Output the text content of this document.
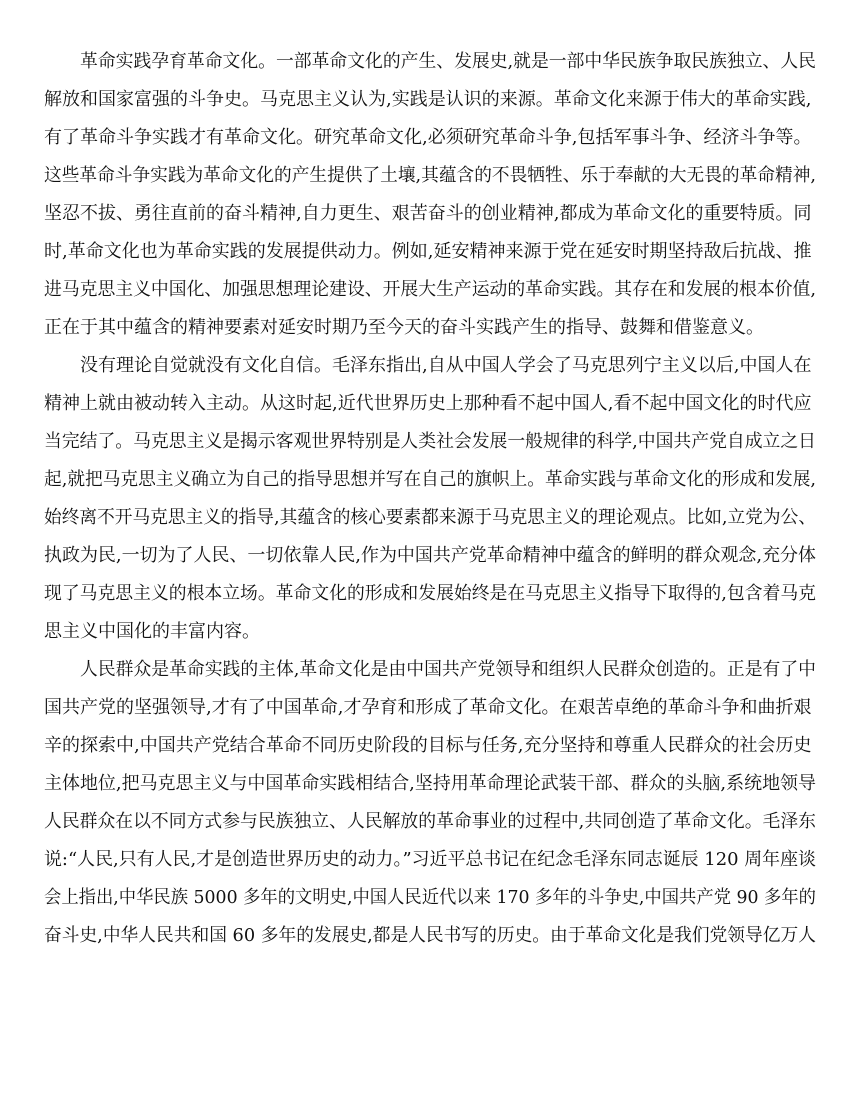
革命实践孕育革命文化。一部革命文化的产生、发展史,就是一部中华民族争取民族独立、人民

解放和国家富强的斗争史。马克思主义认为,实践是认识的来源。革命文化来源于伟大的革命实践,

有了革命斗争实践才有革命文化。研究革命文化,必须研究革命斗争,包括军事斗争、经济斗争等。

这些革命斗争实践为革命文化的产生提供了土壤,其蕴含的不畏牺牲、乐于奉献的大无畏的革命精神,

坚忍不拔、勇往直前的奋斗精神,自力更生、艰苦奋斗的创业精神,都成为革命文化的重要特质。同

时,革命文化也为革命实践的发展提供动力。例如,延安精神来源于党在延安时期坚持敌后抗战、推

进马克思主义中国化、加强思想理论建设、开展大生产运动的革命实践。其存在和发展的根本价值,

正在于其中蕴含的精神要素对延安时期乃至今天的奋斗实践产生的指导、鼓舞和借鉴意义。

没有理论自觉就没有文化自信。毛泽东指出,自从中国人学会了马克思列宁主义以后,中国人在

精神上就由被动转入主动。从这时起,近代世界历史上那种看不起中国人,看不起中国文化的时代应

当完结了。马克思主义是揭示客观世界特别是人类社会发展一般规律的科学,中国共产党自成立之日

起,就把马克思主义确立为自己的指导思想并写在自己的旗帜上。革命实践与革命文化的形成和发展,

始终离不开马克思主义的指导,其蕴含的核心要素都来源于马克思主义的理论观点。比如,立党为公、

执政为民,一切为了人民、一切依靠人民,作为中国共产党革命精神中蕴含的鲜明的群众观念,充分体

现了马克思主义的根本立场。革命文化的形成和发展始终是在马克思主义指导下取得的,包含着马克

思主义中国化的丰富内容。

人民群众是革命实践的主体,革命文化是由中国共产党领导和组织人民群众创造的。正是有了中

国共产党的坚强领导,才有了中国革命,才孕育和形成了革命文化。在艰苦卓绝的革命斗争和曲折艰

辛的探索中,中国共产党结合革命不同历史阶段的目标与任务,充分坚持和尊重人民群众的社会历史

主体地位,把马克思主义与中国革命实践相结合,坚持用革命理论武装干部、群众的头脑,系统地领导

人民群众在以不同方式参与民族独立、人民解放的革命事业的过程中,共同创造了革命文化。毛泽东

说:“人民,只有人民,才是创造世界历史的动力。”习近平总书记在纪念毛泽东同志诞辰 120 周年座谈

会上指出,中华民族 5000 多年的文明史,中国人民近代以来 170 多年的斗争史,中国共产党 90 多年的

奋斗史,中华人民共和国 60 多年的发展史,都是人民书写的历史。由于革命文化是我们党领导亿万人
